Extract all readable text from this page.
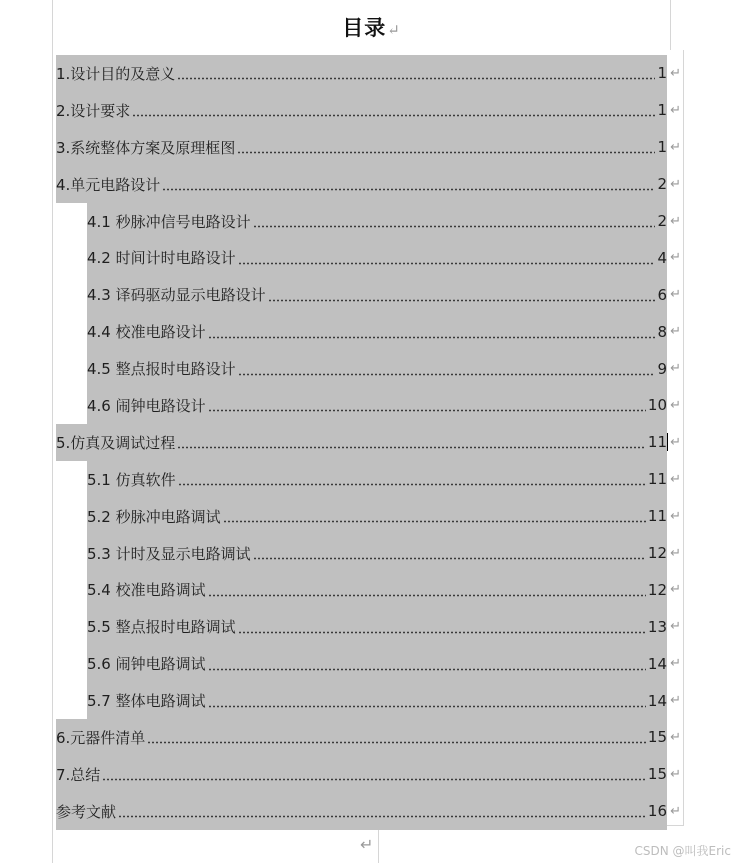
目录↵
1.设计目的及意义	1 ↵
2.设计要求	1 ↵
3.系统整体方案及原理框图	1 ↵
4.单元电路设计	2 ↵
4.1 秒脉冲信号电路设计	2 ↵
4.2 时间计时电路设计	4 ↵
4.3 译码驱动显示电路设计	6 ↵
4.4 校准电路设计	8 ↵
4.5 整点报时电路设计	9 ↵
4.6 闹钟电路设计	10 ↵
5.仿真及调试过程	11 ↵
5.1 仿真软件	11 ↵
5.2 秒脉冲电路调试	11 ↵
5.3 计时及显示电路调试	12 ↵
5.4 校准电路调试	12 ↵
5.5 整点报时电路调试	13 ↵
5.6 闹钟电路调试	14 ↵
5.7 整体电路调试	14 ↵
6.元器件清单	15 ↵
7.总结	15 ↵
参考文献	16 ↵
↵	CSDN @叫我Eric
